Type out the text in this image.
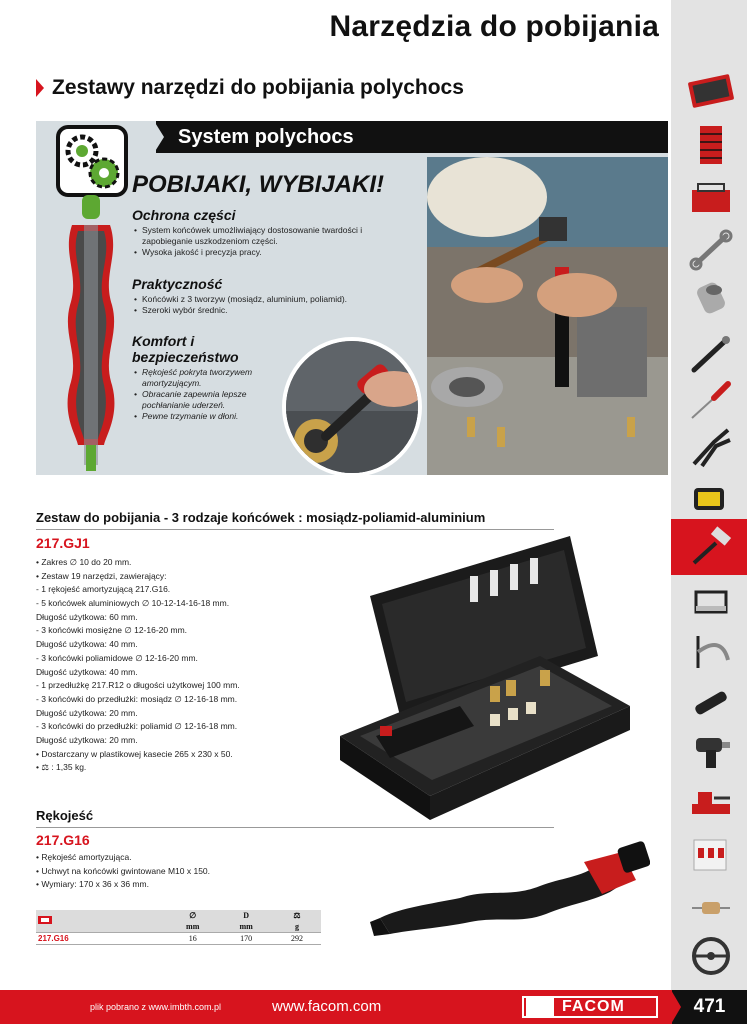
Narzędzia do pobijania
Zestawy narzędzi do pobijania polychocs
System polychocs
POBIJAKI, WYBIJAKI!
Ochrona części
• System końcówek umożliwiający dostosowanie twardości i zapobieganie uszkodzeniom części.
• Wysoka jakość i precyzja pracy.
Praktyczność
• Końcówki z 3 tworzyw (mosiądz, aluminium, poliamid).
• Szeroki wybór średnic.
Komfort i bezpieczeństwo
• Rękojeść pokryta tworzywem amortyzującym.
• Obracanie zapewnia lepsze pochłanianie uderzeń.
• Pewne trzymanie w dłoni.
Zestaw do pobijania - 3 rodzaje końcówek : mosiądz-poliamid-aluminium
217.GJ1
• Zakres ∅ 10 do 20 mm.
• Zestaw 19 narzędzi, zawierający:
- 1 rękojeść amortyzującą 217.G16.
- 5 końcówek aluminiowych ∅ 10-12-14-16-18 mm.
Długość użytkowa: 60 mm.
- 3 końcówki mosiężne ∅ 12-16-20 mm.
Długość użytkowa: 40 mm.
- 3 końcówki poliamidowe ∅ 12-16-20 mm.
Długość użytkowa: 40 mm.
- 1 przedłużkę 217.R12 o długości użytkowej 100 mm.
- 3 końcówki do przedłużki: mosiądz ∅ 12-16-18 mm.
Długość użytkowa: 20 mm.
- 3 końcówki do przedłużki: poliamid ∅ 12-16-18 mm.
Długość użytkowa: 20 mm.
• Dostarczany w plastikowej kasecie 265 x 230 x 50.
• ⚖ : 1,35 kg.
Rękojeść
217.G16
• Rękojeść amortyzująca.
• Uchwyt na końcówki gwintowane M10 x 150.
• Wymiary: 170 x 36 x 36 mm.
	∅	D	⚖
	mm	mm	g
217.G16	16	170	292
plik pobrano z www.imbth.com.pl	www.facom.com	FACOM	471
